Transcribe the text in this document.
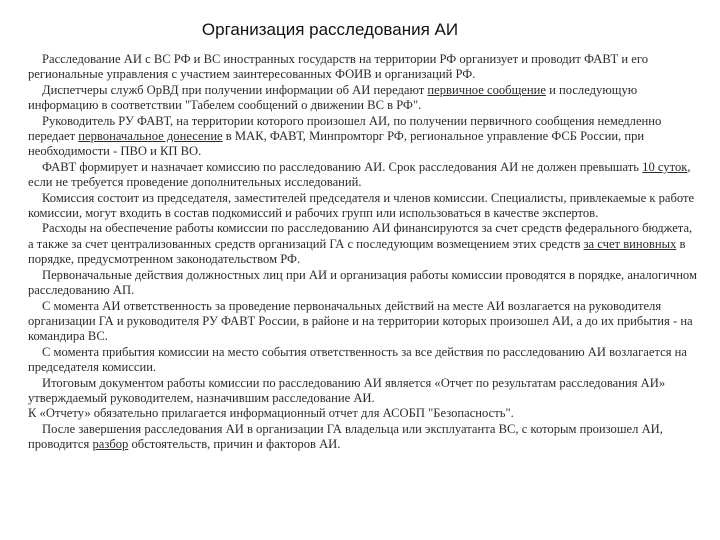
Организация расследования АИ

Расследование АИ с ВС РФ и ВС иностранных государств на территории РФ организует и проводит ФАВТ и его региональные управления с участием заинтересованных ФОИВ и организаций РФ.

Диспетчеры служб ОрВД при получении информации об АИ передают первичное сообщение и последующую информацию в соответствии "Табелем сообщений о движении ВС в РФ".

Руководитель РУ ФАВТ, на территории которого произошел АИ, по получении первичного сообщения немедленно передает первоначальное донесение в МАК, ФАВТ, Минпромторг РФ, региональное управление ФСБ России, при необходимости - ПВО и КП ВО.

ФАВТ формирует и назначает комиссию по расследованию АИ. Срок расследования АИ не должен превышать 10 суток, если не требуется проведение дополнительных исследований.

Комиссия состоит из председателя, заместителей председателя и членов комиссии. Специалисты, привлекаемые к работе комиссии, могут входить в состав подкомиссий и рабочих групп или использоваться в качестве экспертов.

Расходы на обеспечение работы комиссии по расследованию АИ финансируются за счет средств федерального бюджета, а также за счет централизованных средств организаций ГА с последующим возмещением этих средств за счет виновных в порядке, предусмотренном законодательством РФ.

Первоначальные действия должностных лиц при АИ и организация работы комиссии проводятся в порядке, аналогичном расследованию АП.

С момента АИ ответственность за проведение первоначальных действий на месте АИ возлагается на руководителя организации ГА и руководителя РУ ФАВТ России, в районе и на территории которых произошел АИ, а до их прибытия - на командира ВС.

С момента прибытия комиссии на место события ответственность за все действия по расследованию АИ возлагается на председателя комиссии.

Итоговым документом работы комиссии по расследованию АИ является «Отчет по результатам расследования АИ» утверждаемый руководителем, назначившим расследование АИ.

К «Отчету» обязательно прилагается информационный отчет для АСОБП "Безопасность".

После завершения расследования АИ в организации ГА владельца или эксплуатанта ВС, с которым произошел АИ, проводится разбор обстоятельств, причин и факторов АИ.
